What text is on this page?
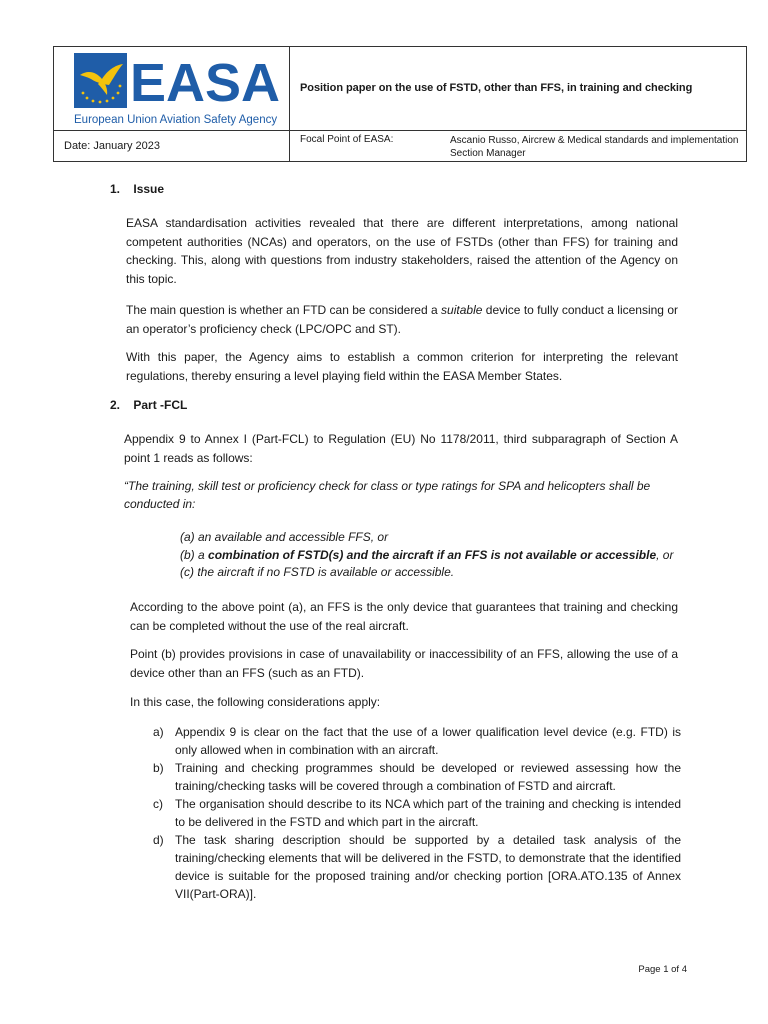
EASA
European Union Aviation Safety Agency
Position paper on the use of FSTD, other than FFS, in training and checking
Date: January 2023
Focal Point of EASA:	Ascanio Russo, Aircrew & Medical standards and implementation Section Manager
1. Issue
EASA standardisation activities revealed that there are different interpretations, among national competent authorities (NCAs) and operators, on the use of FSTDs (other than FFS) for training and checking. This, along with questions from industry stakeholders, raised the attention of the Agency on this topic.
The main question is whether an FTD can be considered a suitable device to fully conduct a licensing or an operator’s proficiency check (LPC/OPC and ST).
With this paper, the Agency aims to establish a common criterion for interpreting the relevant regulations, thereby ensuring a level playing field within the EASA Member States.
2. Part -FCL
Appendix 9 to Annex I (Part-FCL) to Regulation (EU) No 1178/2011, third subparagraph of Section A point 1 reads as follows:
“The training, skill test or proficiency check for class or type ratings for SPA and helicopters shall be conducted in:
(a) an available and accessible FFS, or
(b) a combination of FSTD(s) and the aircraft if an FFS is not available or accessible, or
(c) the aircraft if no FSTD is available or accessible.
According to the above point (a), an FFS is the only device that guarantees that training and checking can be completed without the use of the real aircraft.
Point (b) provides provisions in case of unavailability or inaccessibility of an FFS, allowing the use of a device other than an FFS (such as an FTD).
In this case, the following considerations apply:
a) Appendix 9 is clear on the fact that the use of a lower qualification level device (e.g. FTD) is only allowed when in combination with an aircraft.
b) Training and checking programmes should be developed or reviewed assessing how the training/checking tasks will be covered through a combination of FSTD and aircraft.
c) The organisation should describe to its NCA which part of the training and checking is intended to be delivered in the FSTD and which part in the aircraft.
d) The task sharing description should be supported by a detailed task analysis of the training/checking elements that will be delivered in the FSTD, to demonstrate that the identified device is suitable for the proposed training and/or checking portion [ORA.ATO.135 of Annex VII(Part-ORA)].
Page 1 of 4
